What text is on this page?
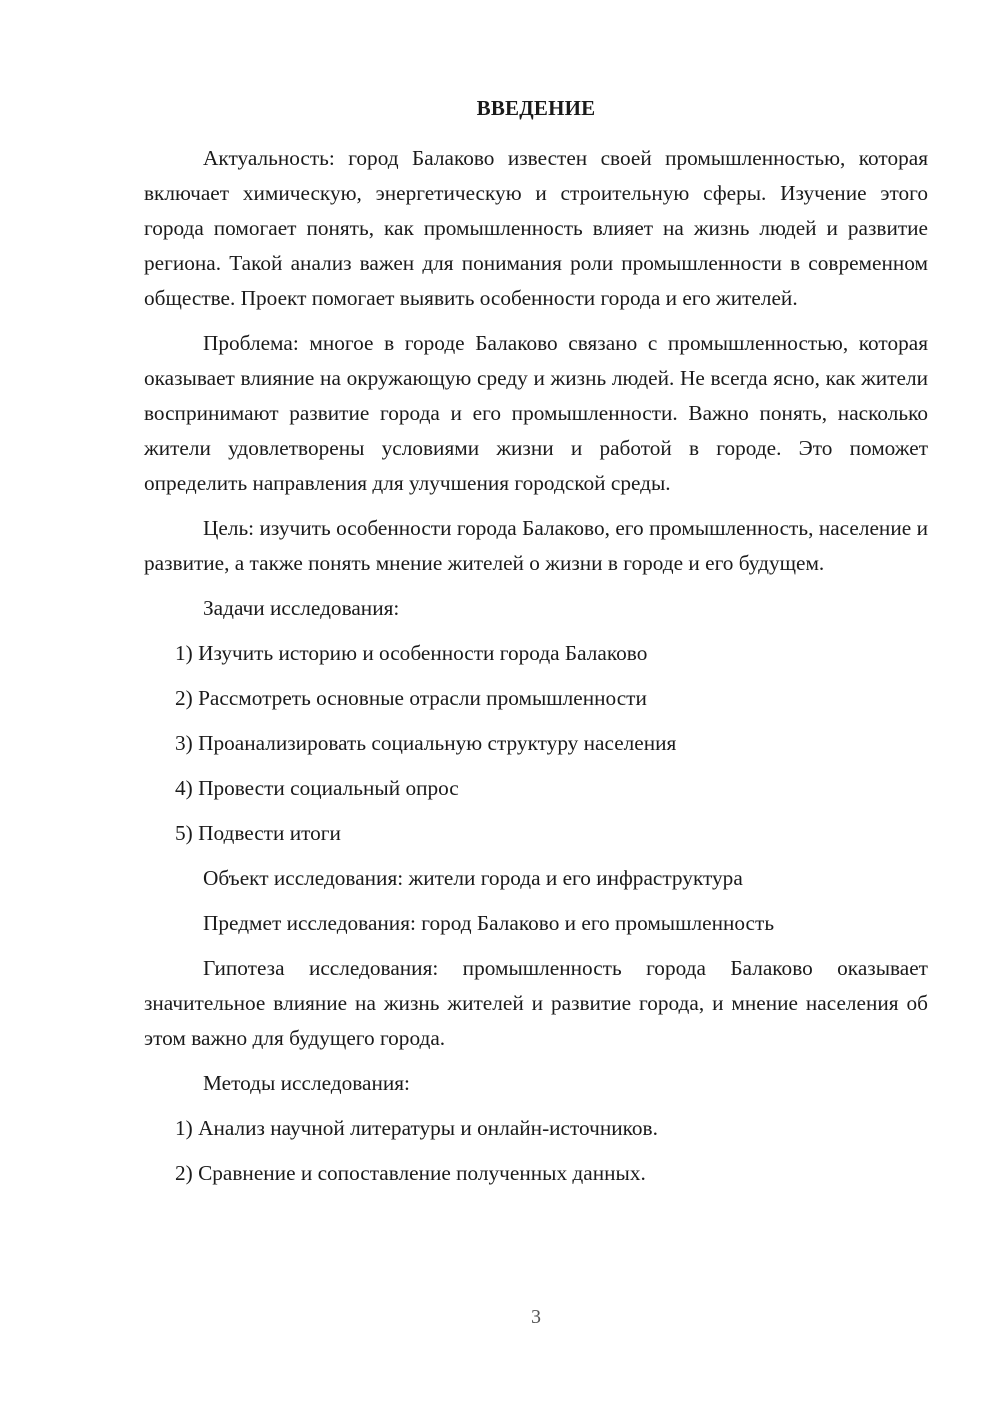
ВВЕДЕНИЕ

Актуальность: город Балаково известен своей промышленностью, которая включает химическую, энергетическую и строительную сферы. Изучение этого города помогает понять, как промышленность влияет на жизнь людей и развитие региона. Такой анализ важен для понимания роли промышленности в современном обществе. Проект помогает выявить особенности города и его жителей.

Проблема: многое в городе Балаково связано с промышленностью, которая оказывает влияние на окружающую среду и жизнь людей. Не всегда ясно, как жители воспринимают развитие города и его промышленности. Важно понять, насколько жители удовлетворены условиями жизни и работой в городе. Это поможет определить направления для улучшения городской среды.

Цель: изучить особенности города Балаково, его промышленность, население и развитие, а также понять мнение жителей о жизни в городе и его будущем.

Задачи исследования:

1) Изучить историю и особенности города Балаково
2) Рассмотреть основные отрасли промышленности
3) Проанализировать социальную структуру населения
4) Провести социальный опрос
5) Подвести итоги

Объект исследования: жители города и его инфраструктура

Предмет исследования: город Балаково и его промышленность

Гипотеза исследования: промышленность города Балаково оказывает значительное влияние на жизнь жителей и развитие города, и мнение населения об этом важно для будущего города.

Методы исследования:

1) Анализ научной литературы и онлайн-источников.
2) Сравнение и сопоставление полученных данных.
3
